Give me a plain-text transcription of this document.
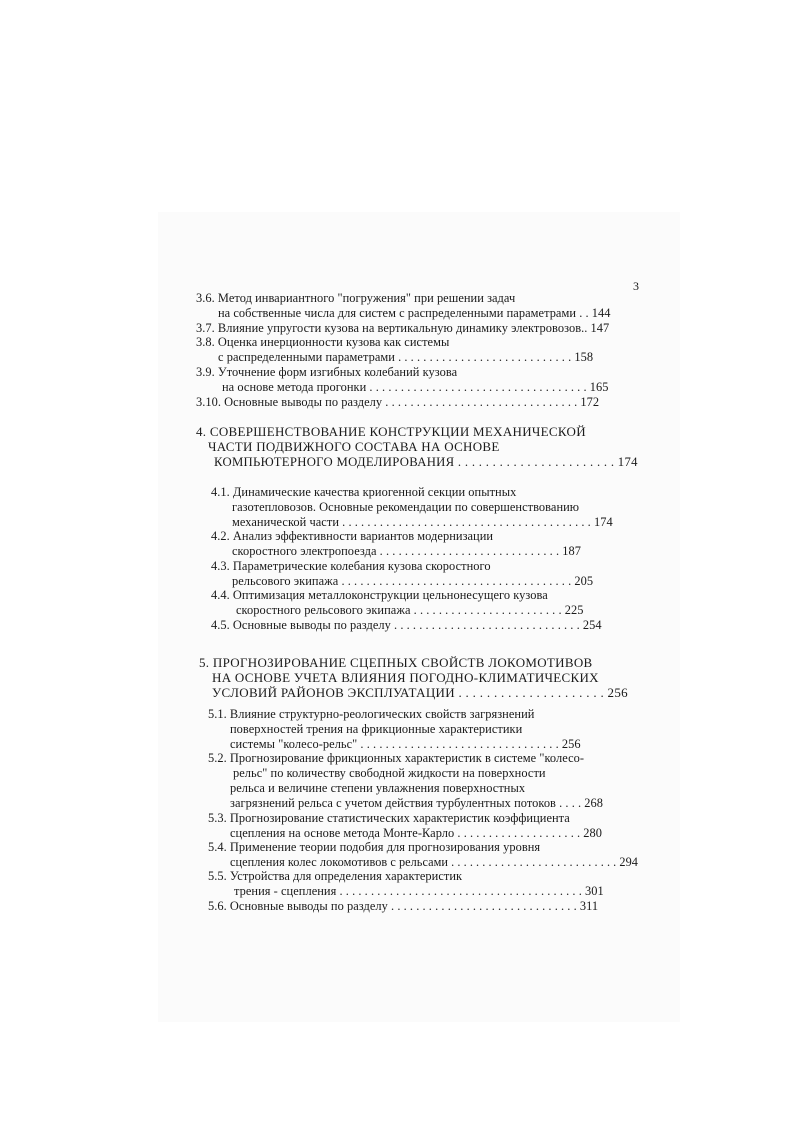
3
3.6. Метод инвариантного "погружения" при решении задач
на собственные числа для систем с распределенными параметрами . . 144
3.7. Влияние упругости кузова на вертикальную динамику электровозов.. 147
3.8. Оценка инерционности кузова как системы
с распределенными параметрами . . . . . . . . . . . . . . . . . . . . . . . . . . . . 158
3.9. Уточнение форм изгибных колебаний кузова
на основе метода прогонки . . . . . . . . . . . . . . . . . . . . . . . . . . . . . . . . . . . 165
3.10. Основные выводы по разделу . . . . . . . . . . . . . . . . . . . . . . . . . . . . . . . 172
4. СОВЕРШЕНСТВОВАНИЕ КОНСТРУКЦИИ МЕХАНИЧЕСКОЙ
ЧАСТИ ПОДВИЖНОГО СОСТАВА НА ОСНОВЕ
КОМПЬЮТЕРНОГО МОДЕЛИРОВАНИЯ . . . . . . . . . . . . . . . . . . . . . . . 174
4.1. Динамические качества криогенной секции опытных
газотепловозов. Основные рекомендации по совершенствованию
механической части . . . . . . . . . . . . . . . . . . . . . . . . . . . . . . . . . . . . . . . . 174
4.2. Анализ эффективности вариантов модернизации
скоростного электропоезда . . . . . . . . . . . . . . . . . . . . . . . . . . . . . 187
4.3. Параметрические колебания кузова скоростного
рельсового экипажа . . . . . . . . . . . . . . . . . . . . . . . . . . . . . . . . . . . . . 205
4.4. Оптимизация металлоконструкции цельнонесущего кузова
скоростного рельсового экипажа . . . . . . . . . . . . . . . . . . . . . . . . 225
4.5. Основные выводы по разделу . . . . . . . . . . . . . . . . . . . . . . . . . . . . . . 254
5. ПРОГНОЗИРОВАНИЕ СЦЕПНЫХ СВОЙСТВ ЛОКОМОТИВОВ
НА ОСНОВЕ УЧЕТА ВЛИЯНИЯ ПОГОДНО-КЛИМАТИЧЕСКИХ
УСЛОВИЙ РАЙОНОВ ЭКСПЛУАТАЦИИ . . . . . . . . . . . . . . . . . . . . . 256
5.1. Влияние структурно-реологических свойств загрязнений
поверхностей трения на фрикционные характеристики
системы "колесо-рельс" . . . . . . . . . . . . . . . . . . . . . . . . . . . . . . . . 256
5.2. Прогнозирование фрикционных характеристик в системе "колесо-
рельс" по количеству свободной жидкости на поверхности
рельса и величине степени увлажнения поверхностных
загрязнений рельса с учетом действия турбулентных потоков . . . . 268
5.3. Прогнозирование статистических характеристик коэффициента
сцепления на основе метода Монте-Карло . . . . . . . . . . . . . . . . . . . . 280
5.4. Применение теории подобия для прогнозирования уровня
сцепления колес локомотивов с рельсами . . . . . . . . . . . . . . . . . . . . . . . . . . . 294
5.5. Устройства для определения характеристик
трения - сцепления . . . . . . . . . . . . . . . . . . . . . . . . . . . . . . . . . . . . . . . 301
5.6. Основные выводы по разделу . . . . . . . . . . . . . . . . . . . . . . . . . . . . . . 311
